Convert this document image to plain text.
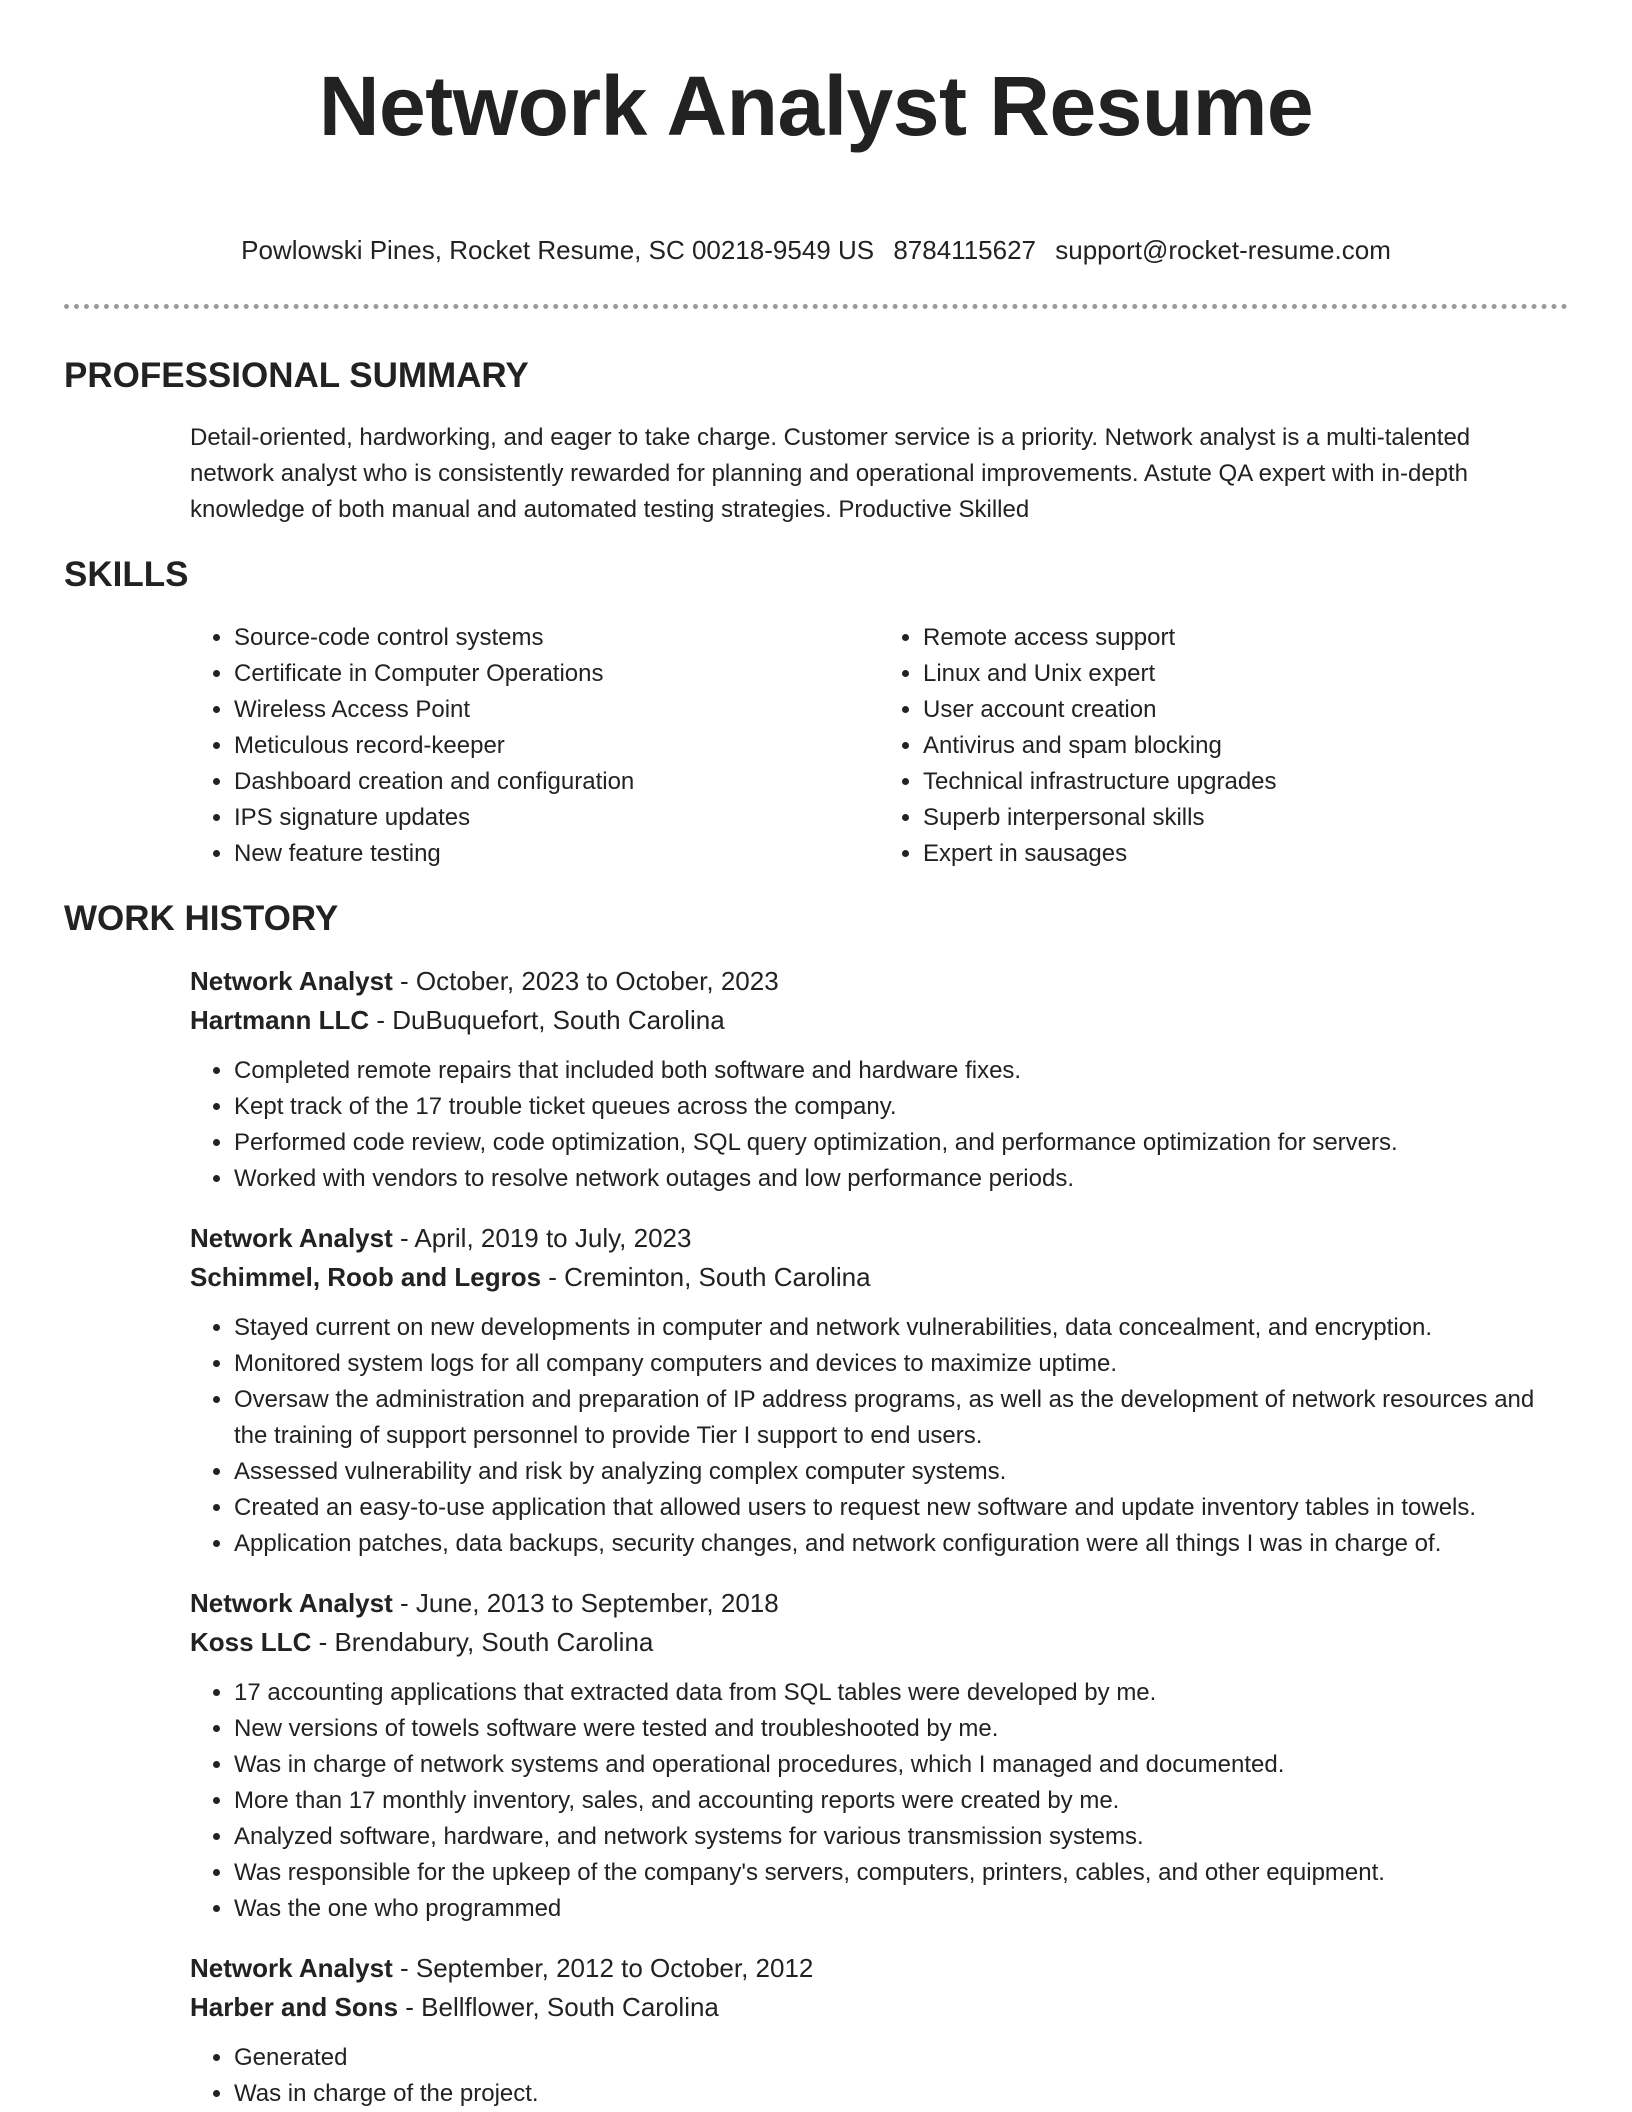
Network Analyst Resume
Powlowski Pines, Rocket Resume, SC 00218-9549 US 8784115627 support@rocket-resume.com
PROFESSIONAL SUMMARY
Detail-oriented, hardworking, and eager to take charge. Customer service is a priority. Network analyst is a multi-talented network analyst who is consistently rewarded for planning and operational improvements. Astute QA expert with in-depth knowledge of both manual and automated testing strategies. Productive Skilled
SKILLS
• Source-code control systems
• Certificate in Computer Operations
• Wireless Access Point
• Meticulous record-keeper
• Dashboard creation and configuration
• IPS signature updates
• New feature testing
• Remote access support
• Linux and Unix expert
• User account creation
• Antivirus and spam blocking
• Technical infrastructure upgrades
• Superb interpersonal skills
• Expert in sausages
WORK HISTORY
Network Analyst - October, 2023 to October, 2023
Hartmann LLC - DuBuquefort, South Carolina
• Completed remote repairs that included both software and hardware fixes.
• Kept track of the 17 trouble ticket queues across the company.
• Performed code review, code optimization, SQL query optimization, and performance optimization for servers.
• Worked with vendors to resolve network outages and low performance periods.
Network Analyst - April, 2019 to July, 2023
Schimmel, Roob and Legros - Creminton, South Carolina
• Stayed current on new developments in computer and network vulnerabilities, data concealment, and encryption.
• Monitored system logs for all company computers and devices to maximize uptime.
• Oversaw the administration and preparation of IP address programs, as well as the development of network resources and the training of support personnel to provide Tier I support to end users.
• Assessed vulnerability and risk by analyzing complex computer systems.
• Created an easy-to-use application that allowed users to request new software and update inventory tables in towels.
• Application patches, data backups, security changes, and network configuration were all things I was in charge of.
Network Analyst - June, 2013 to September, 2018
Koss LLC - Brendabury, South Carolina
• 17 accounting applications that extracted data from SQL tables were developed by me.
• New versions of towels software were tested and troubleshooted by me.
• Was in charge of network systems and operational procedures, which I managed and documented.
• More than 17 monthly inventory, sales, and accounting reports were created by me.
• Analyzed software, hardware, and network systems for various transmission systems.
• Was responsible for the upkeep of the company's servers, computers, printers, cables, and other equipment.
• Was the one who programmed
Network Analyst - September, 2012 to October, 2012
Harber and Sons - Bellflower, South Carolina
• Generated
• Was in charge of the project.
